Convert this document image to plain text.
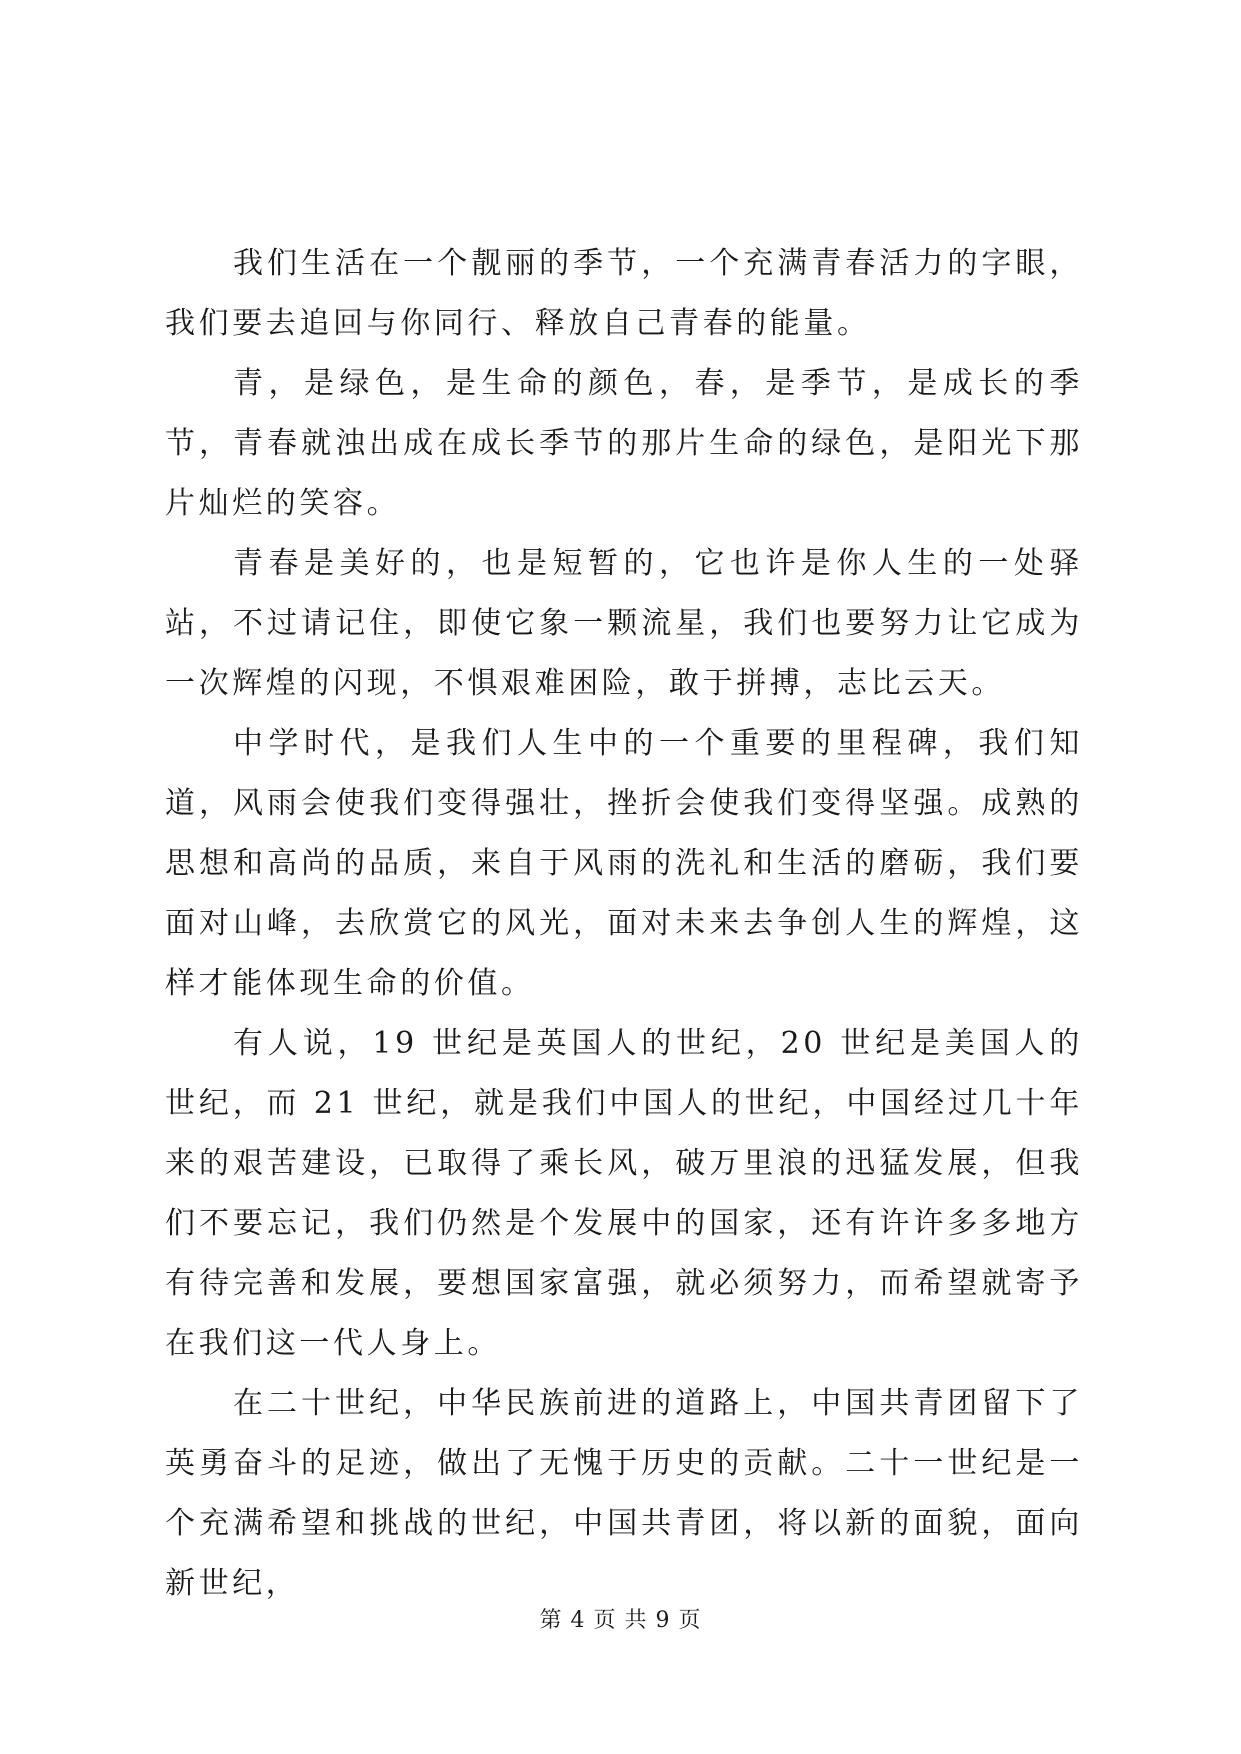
我们生活在一个靓丽的季节，一个充满青春活力的字眼，我们要去追回与你同行、释放自己青春的能量。

青，是绿色，是生命的颜色，春，是季节，是成长的季节，青春就浊出成在成长季节的那片生命的绿色，是阳光下那片灿烂的笑容。

青春是美好的，也是短暂的，它也许是你人生的一处驿站，不过请记住，即使它象一颗流星，我们也要努力让它成为一次辉煌的闪现，不惧艰难困险，敢于拼搏，志比云天。

中学时代，是我们人生中的一个重要的里程碑，我们知道，风雨会使我们变得强壮，挫折会使我们变得坚强。成熟的思想和高尚的品质，来自于风雨的洗礼和生活的磨砺，我们要面对山峰，去欣赏它的风光，面对未来去争创人生的辉煌，这样才能体现生命的价值。

有人说，19 世纪是英国人的世纪，20 世纪是美国人的世纪，而 21 世纪，就是我们中国人的世纪，中国经过几十年来的艰苦建设，已取得了乘长风，破万里浪的迅猛发展，但我们不要忘记，我们仍然是个发展中的国家，还有许许多多地方有待完善和发展，要想国家富强，就必须努力，而希望就寄予在我们这一代人身上。

在二十世纪，中华民族前进的道路上，中国共青团留下了英勇奋斗的足迹，做出了无愧于历史的贡献。二十一世纪是一个充满希望和挑战的世纪，中国共青团，将以新的面貌，面向新世纪，

第 4 页 共 9 页
